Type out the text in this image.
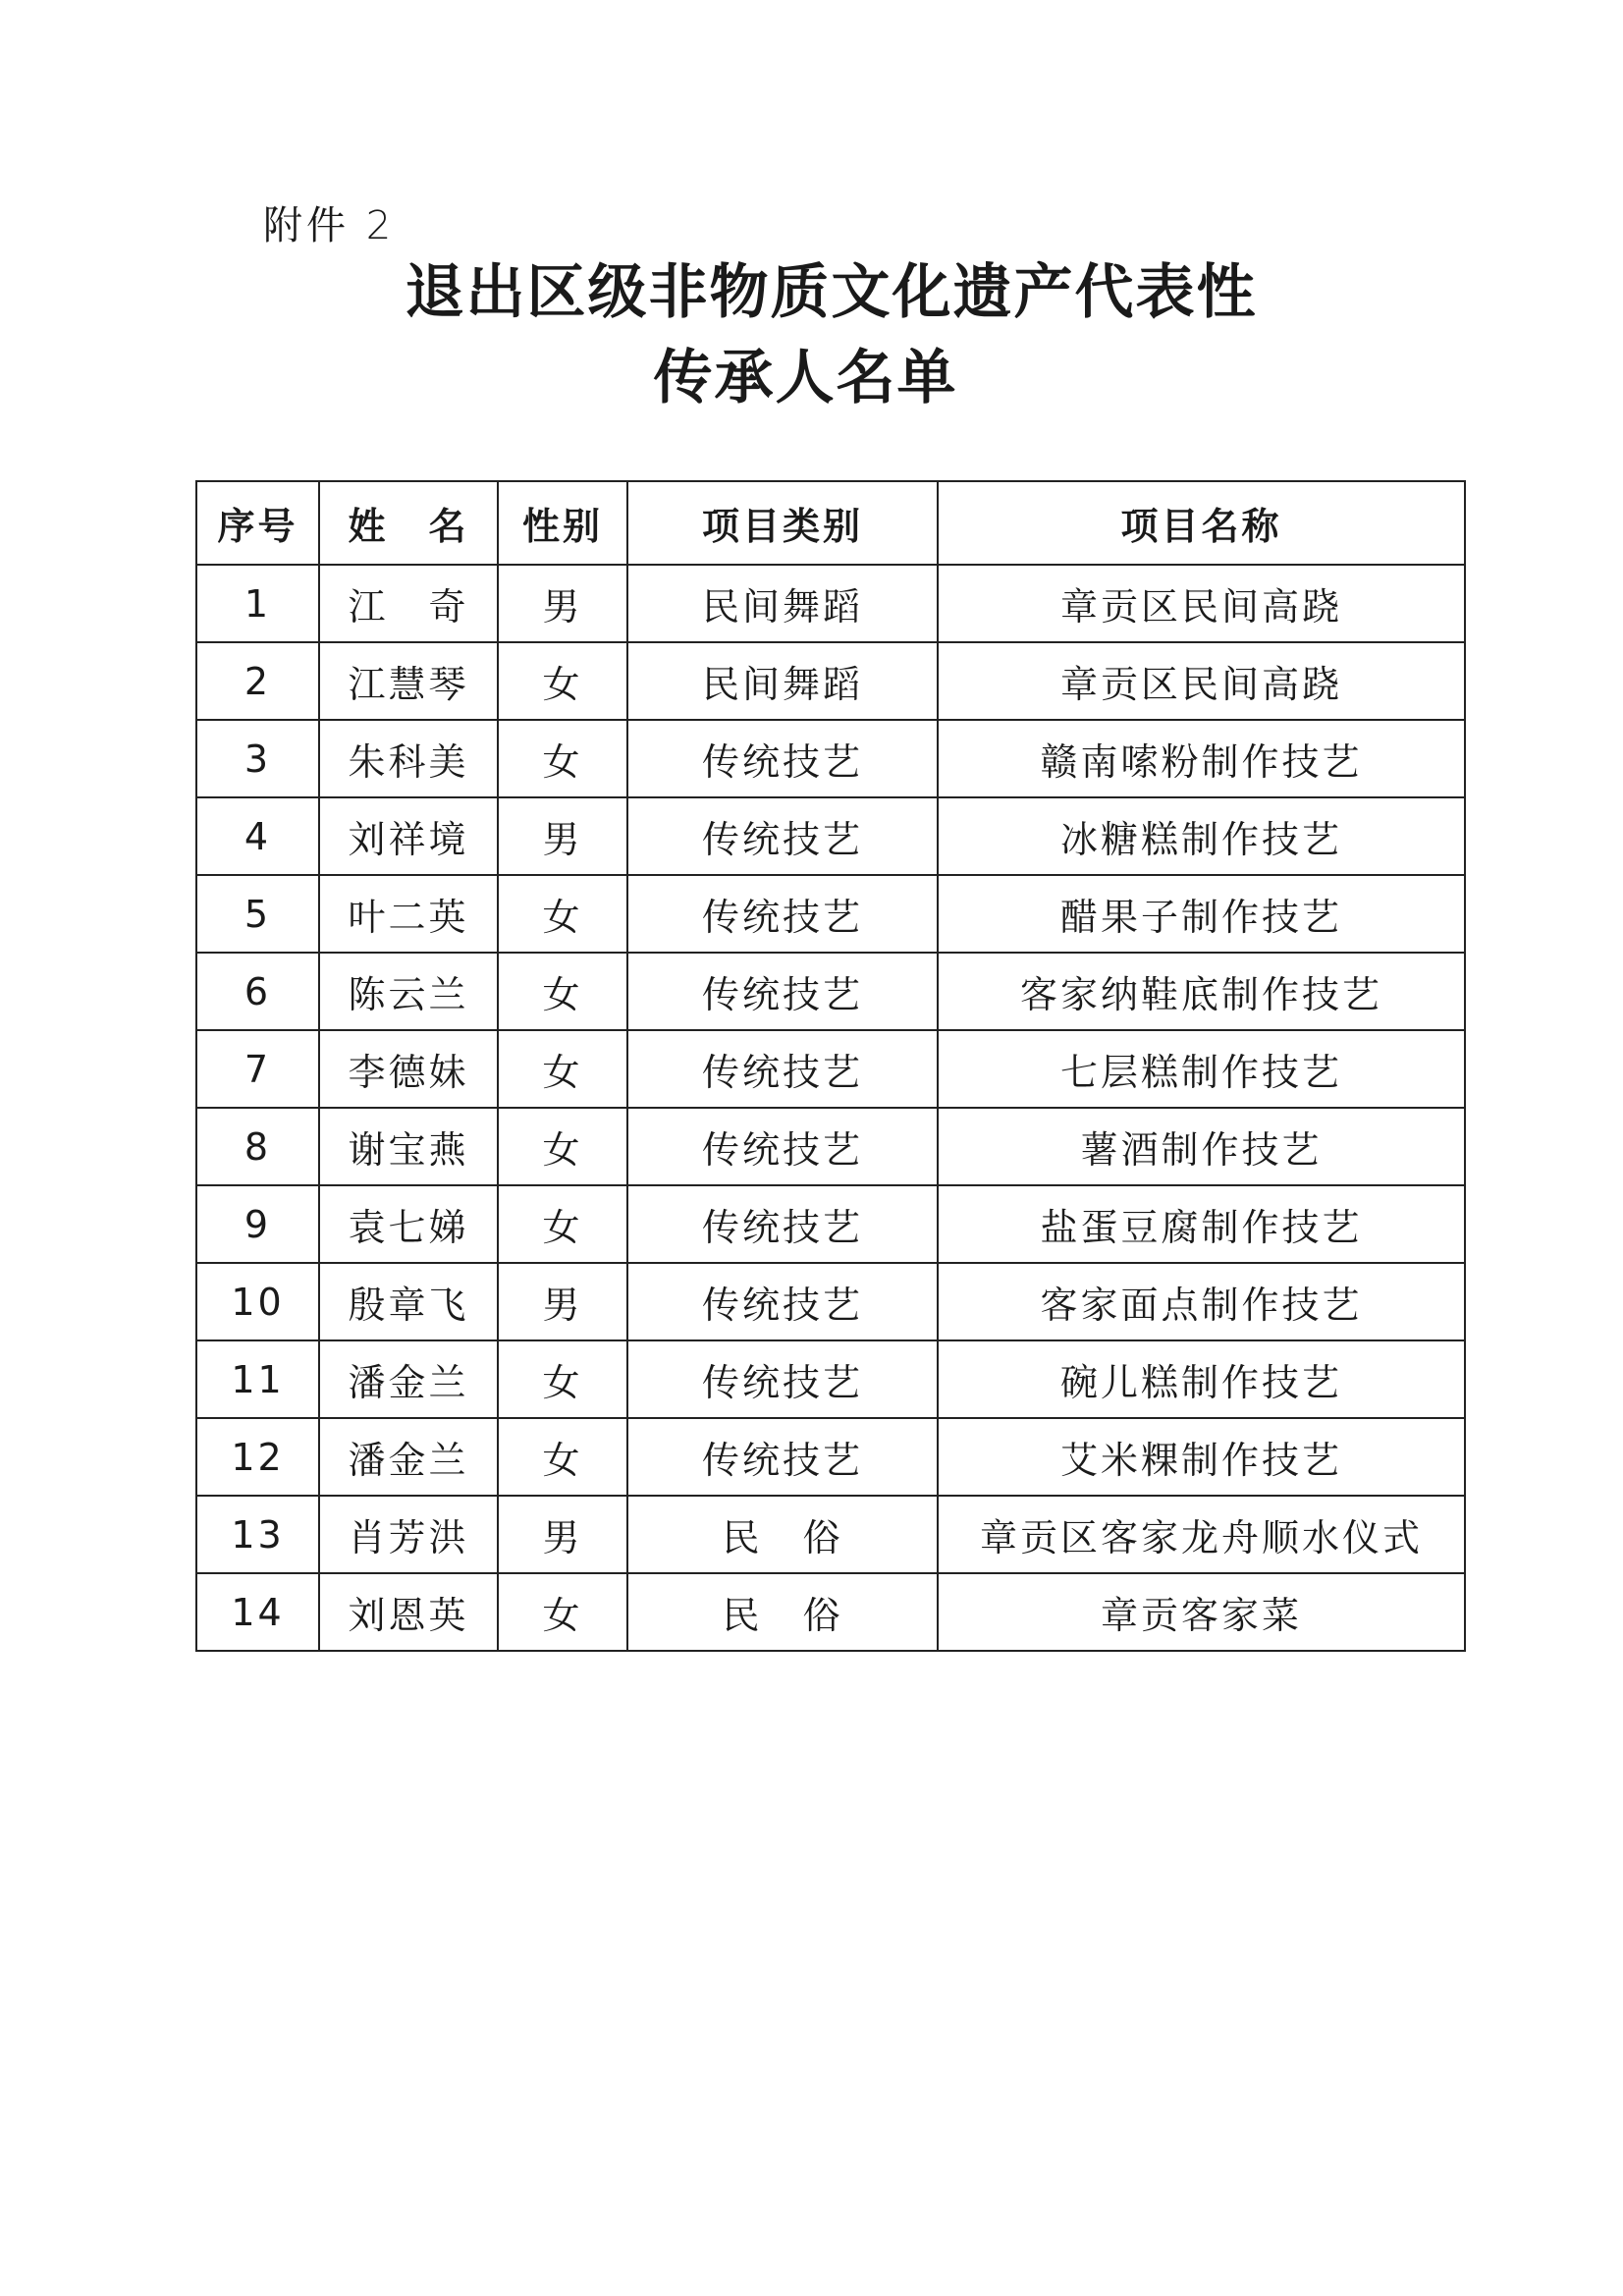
附件 2
退出区级非物质文化遗产代表性
传承人名单
序号	姓　名	性别	项目类别	项目名称
1	江　奇	男	民间舞蹈	章贡区民间高跷
2	江慧琴	女	民间舞蹈	章贡区民间高跷
3	朱科美	女	传统技艺	赣南嗦粉制作技艺
4	刘祥境	男	传统技艺	冰糖糕制作技艺
5	叶二英	女	传统技艺	醋果子制作技艺
6	陈云兰	女	传统技艺	客家纳鞋底制作技艺
7	李德妹	女	传统技艺	七层糕制作技艺
8	谢宝燕	女	传统技艺	薯酒制作技艺
9	袁七娣	女	传统技艺	盐蛋豆腐制作技艺
10	殷章飞	男	传统技艺	客家面点制作技艺
11	潘金兰	女	传统技艺	碗儿糕制作技艺
12	潘金兰	女	传统技艺	艾米粿制作技艺
13	肖芳洪	男	民　俗	章贡区客家龙舟顺水仪式
14	刘恩英	女	民　俗	章贡客家菜
